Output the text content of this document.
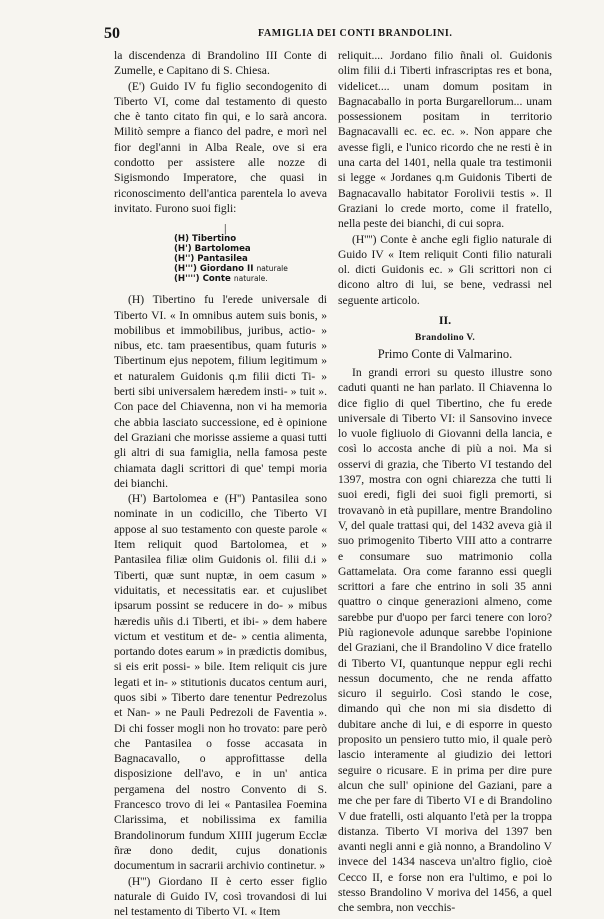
50	FAMIGLIA DEI CONTI BRANDOLINI.

la discendenza di Brandolino III Conte di Zumelle, e Capitano di S. Chiesa.

(E') Guido IV fu figlio secondogenito di Tiberto VI, come dal testamento di questo che è tanto citato fin qui, e lo sarà ancora. Militò sempre a fianco del padre, e morì nel fior degl'anni in Alba Reale, ove si era condotto per assistere alle nozze di Sigismondo Imperatore, che quasi in riconoscimento dell'antica parentela lo aveva invitato. Furono suoi figli:

|
(H) Tibertino
(H') Bartolomea
(H'') Pantasilea
(H''') Giordano II naturale
(H'''') Conte naturale.

(H) Tibertino fu l'erede universale di Tiberto VI. « In omnibus autem suis bonis, » mobilibus et immobilibus, juribus, actio- » nibus, etc. tam praesentibus, quam futuris » Tibertinum ejus nepotem, filium legitimum » et naturalem Guidonis q.m filii dicti Ti- » berti sibi universalem hæredem insti- » tuit ». Con pace del Chiavenna, non vi ha memoria che abbia lasciato successione, ed è opinione del Graziani che morisse assieme a quasi tutti gli altri di sua famiglia, nella famosa peste chiamata dagli scrittori di que' tempi moria dei bianchi.

(H') Bartolomea e (H'') Pantasilea sono nominate in un codicillo, che Tiberto VI appose al suo testamento con queste parole « Item reliquit quod Bartolomea, et » Pantasilea filiæ olim Guidonis ol. filii d.i » Tiberti, quæ sunt nuptæ, in oem casum » viduitatis, et necessitatis ear. et cujuslibet ipsarum possint se reducere in do- » mibus hæredis uñis d.i Tiberti, et ibi- » dem habere victum et vestitum et de- » centia alimenta, portando dotes earum » in prædictis domibus, si eis erit possi- » bile. Item reliquit cis jure legati et in- » stitutionis ducatos centum auri, quos sibi » Tiberto dare tenentur Pedrezolus et Nan- » ne Pauli Pedrezoli de Faventia ». Di chi fosser mogli non ho trovato: pare però che Pantasilea o fosse accasata in Bagnacavallo, o approfittasse della disposizione dell'avo, e in un' antica pergamena del nostro Convento di S. Francesco trovo di lei « Pantasilea Foemina Clarissima, et nobilissima ex familia Brandolinorum fundum XIIII jugerum Ecclæ ñræ dono dedit, cujus donationis documentum in sacrarii archivio continetur. »

(H''') Giordano II è certo esser figlio naturale di Guido IV, così trovandosi di lui nel testamento di Tiberto VI. « Item

reliquit.... Jordano filio ñnali ol. Guidonis olim filii d.i Tiberti infrascriptas res et bona, videlicet.... unam domum positam in Bagnacaballo in porta Burgarellorum... unam possessionem positam in territorio Bagnacavalli ec. ec. ec. ». Non appare che avesse figli, e l'unico ricordo che ne resti è in una carta del 1401, nella quale tra testimonii si legge « Jordanes q.m Guidonis Tiberti de Bagnacavallo habitator Forolivii testis ». Il Graziani lo crede morto, come il fratello, nella peste dei bianchi, di cui sopra.

(H'''') Conte è anche egli figlio naturale di Guido IV « Item reliquit Conti filio naturali ol. dicti Guidonis ec. » Gli scrittori non ci dicono altro di lui, se bene, vedrassi nel seguente articolo.

II.
Brandolino V.
Primo Conte di Valmarino.

In grandi errori su questo illustre sono caduti quanti ne han parlato. Il Chiavenna lo dice figlio di quel Tibertino, che fu erede universale di Tiberto VI: il Sansovino invece lo vuole figliuolo di Giovanni della lancia, e così lo accosta anche di più a noi. Ma si osservi di grazia, che Tiberto VI testando del 1397, mostra con ogni chiarezza che tutti li suoi eredi, figli dei suoi figli premorti, si trovavanò in età pupillare, mentre Brandolino V, del quale trattasi qui, del 1432 aveva già il suo primogenito Tiberto VIII atto a contrarre e consumare suo matrimonio colla Gattamelata. Ora come faranno essi quegli scrittori a fare che entrino in soli 35 anni quattro o cinque generazioni almeno, come sarebbe pur d'uopo per farci tenere con loro? Più ragionevole adunque sarebbe l'opinione del Graziani, che il Brandolino V dice fratello di Tiberto VI, quantunque neppur egli rechi nessun documento, che ne renda affatto sicuro il seguirlo. Così stando le cose, dimando quì che non mi sia disdetto di dubitare anche di lui, e di esporre in questo proposito un pensiero tutto mio, il quale però lascio interamente al giudizio dei lettori seguire o ricusare. E in prima per dire pure alcun che sull' opinione del Gaziani, pare a me che per fare di Tiberto VI e di Brandolino V due fratelli, osti alquanto l'età per la troppa distanza. Tiberto VI moriva del 1397 ben avanti negli anni e già nonno, a Brandolino V invece del 1434 nasceva un'altro figlio, cioè Cecco II, e forse non era l'ultimo, e poi lo stesso Brandolino V moriva del 1456, a quel che sembra, non vecchis-
